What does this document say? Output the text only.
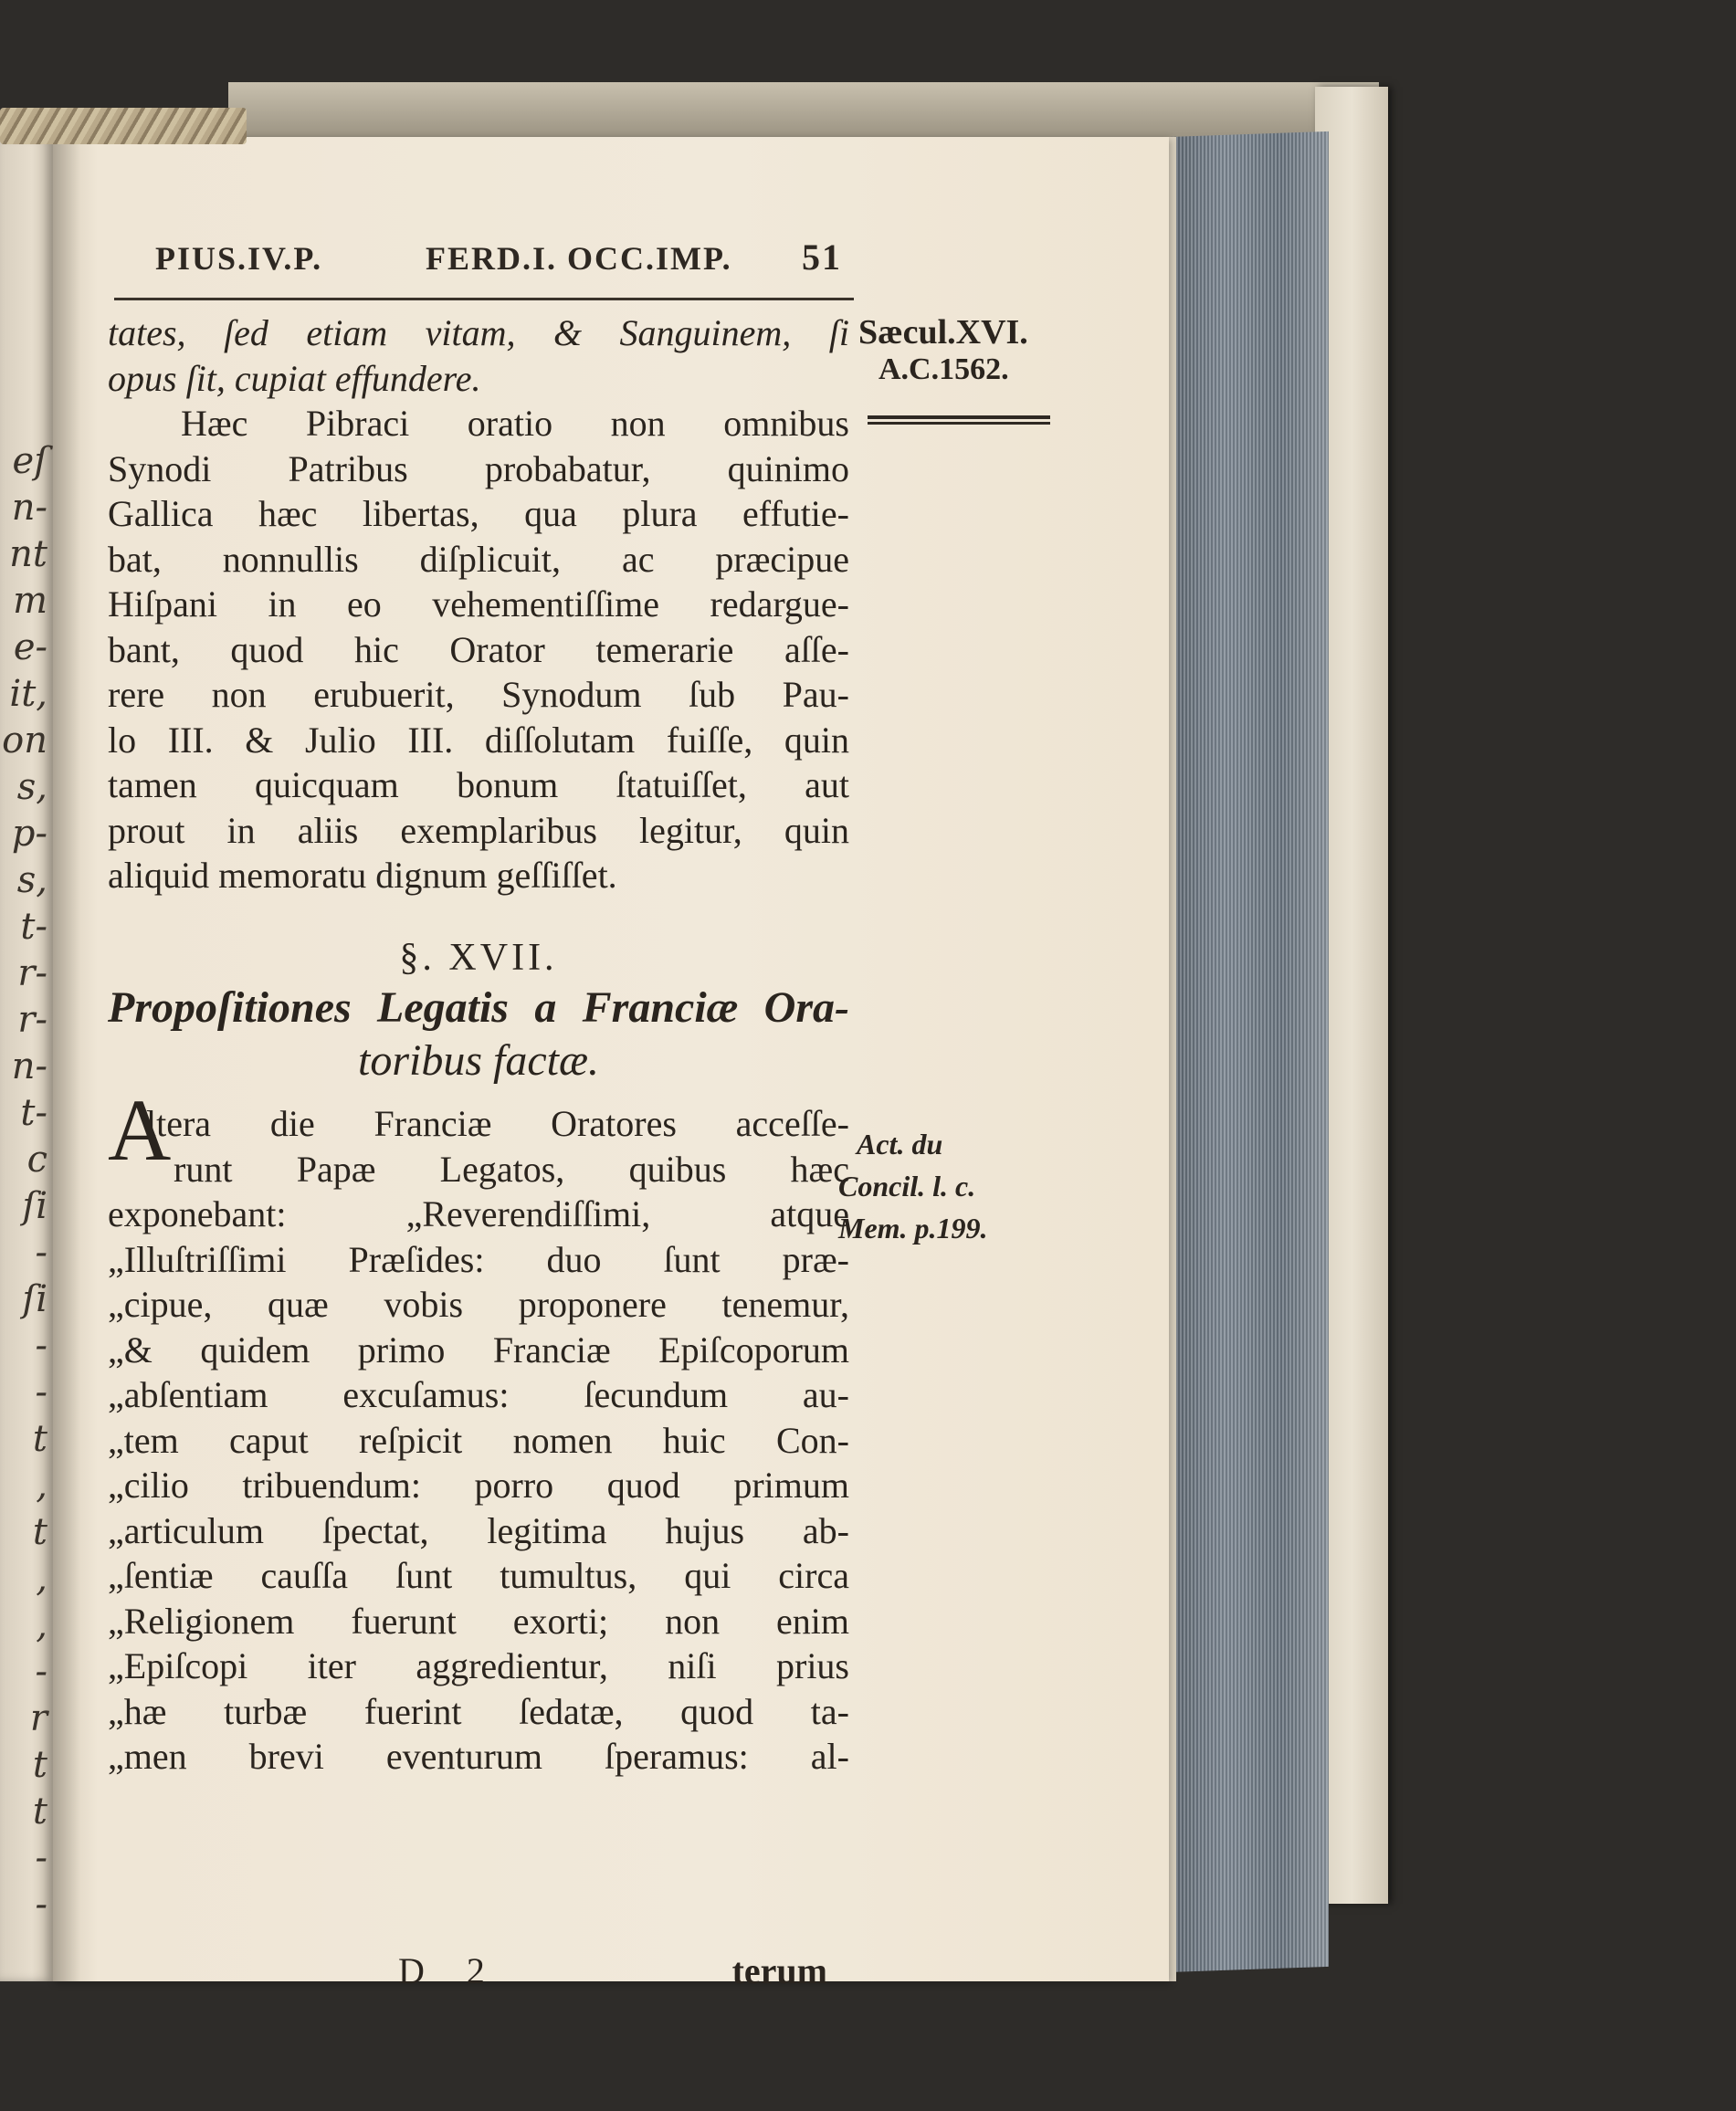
eſ
n-
nt
m
e-
it,
on
s,
p-
s,
t-
r-
r-
n-
t-
c
ſi
-
ſi
-
-
t
,
t
,
,
-
r
t
t
-
-
PIUS.IV.P.	FERD.I. OCC.IMP. 51
Sæcul.XVI.
A.C.1562.
tates, ſed etiam vitam, & Sanguinem, ſi
opus ſit, cupiat effundere.
Hæc Pibraci oratio non omnibus
Synodi Patribus probabatur, quinimo
Gallica hæc libertas, qua plura effutie-
bat, nonnullis diſplicuit, ac præcipue
Hiſpani in eo vehementiſſime redargue-
bant, quod hic Orator temerarie aſſe-
rere non erubuerit, Synodum ſub Pau-
lo III. & Julio III. diſſolutam fuiſſe, quin
tamen quicquam bonum ſtatuiſſet, aut
prout in aliis exemplaribus legitur, quin
aliquid memoratu dignum geſſiſſet.
§. XVII.
Propoſitiones Legatis a Franciæ Ora-
toribus factæ.
A
ltera die Franciæ Oratores acceſſe-
runt Papæ Legatos, quibus hæc
exponebant: „Reverendiſſimi, atque
„Illuſtriſſimi Præſides: duo ſunt præ-
„cipue, quæ vobis proponere tenemur,
„& quidem primo Franciæ Epiſcoporum
„abſentiam excuſamus: ſecundum au-
„tem caput reſpicit nomen huic Con-
„cilio tribuendum: porro quod primum
„articulum ſpectat, legitima hujus ab-
„ſentiæ cauſſa ſunt tumultus, qui circa
„Religionem fuerunt exorti; non enim
„Epiſcopi iter aggredientur, niſi prius
„hæ turbæ fuerint ſedatæ, quod ta-
„men brevi eventurum ſperamus: al-
Act. du
Concil. l. c.
Mem. p.199.
D 2	terum
